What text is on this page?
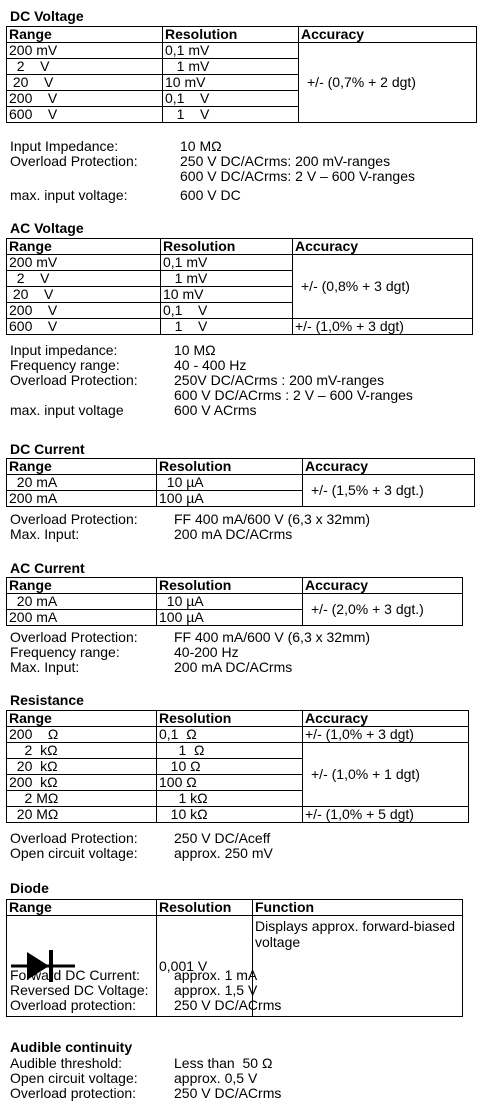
DC Voltage
Range	Resolution	Accuracy
200 mV	0,1 mV	+/- (0,7% + 2 dgt)
2    V	1 mV	
20    V	10 mV	
200    V	0,1    V	
600    V	1    V	
Input Impedance:	10 MΩ
Overload Protection:	250 V DC/ACrms: 200 mV-ranges
600 V DC/ACrms: 2 V – 600 V-ranges
max. input voltage:	600 V DC
AC Voltage
Range	Resolution	Accuracy
200 mV	0,1 mV	+/- (0,8% + 3 dgt)
2    V	1 mV	
20    V	10 mV	
200    V	0,1    V	
600    V	1    V	+/- (1,0% + 3 dgt)
Input impedance:	10 MΩ
Frequency range:	40 - 400 Hz
Overload Protection:	250V DC/ACrms : 200 mV-ranges
600 V DC/ACrms : 2 V – 600 V-ranges
max. input voltage	600 V ACrms
DC Current
Range	Resolution	Accuracy
20 mA	10 µA	+/- (1,5% + 3 dgt.)
200 mA	100 µA	
Overload Protection:	FF 400 mA/600 V (6,3 x 32mm)
Max. Input:	200 mA DC/ACrms
AC Current
Range	Resolution	Accuracy
20 mA	10 µA	+/- (2,0% + 3 dgt.)
200 mA	100 µA	
Overload Protection:	FF 400 mA/600 V (6,3 x 32mm)
Frequency range:	40-200 Hz
Max. Input:	200 mA DC/ACrms
Resistance
Range	Resolution	Accuracy
200    Ω	0,1  Ω	+/- (1,0% + 3 dgt)
2  kΩ	1  Ω	+/- (1,0% + 1 dgt)
20  kΩ	10 Ω	
200  kΩ	100 Ω	
2 MΩ	1 kΩ	
20 MΩ	10 kΩ	+/- (1,0% + 5 dgt)
Overload Protection:	250 V DC/Aceff
Open circuit voltage:	approx. 250 mV
Diode
Range	Resolution	Function

	0,001 V	Displays approx. forward-biased voltage
Forward DC Current:	approx. 1 mA
Reversed DC Voltage:	approx. 1,5 V
Overload protection:	250 V DC/ACrms
Audible continuity
Audible threshold:	Less than  50 Ω
Open circuit voltage:	approx. 0,5 V
Overload protection:	250 V DC/ACrms
